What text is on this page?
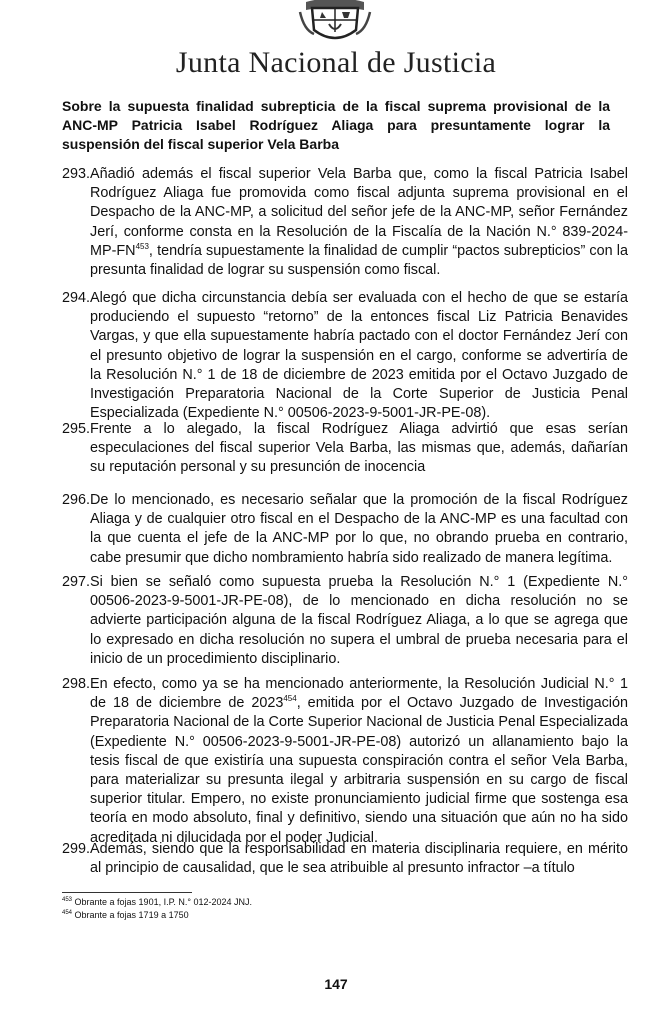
Junta Nacional de Justicia
Sobre la supuesta finalidad subrepticia de la fiscal suprema provisional de la ANC-MP Patricia Isabel Rodríguez Aliaga para presuntamente lograr la suspensión del fiscal superior Vela Barba
293. Añadió además el fiscal superior Vela Barba que, como la fiscal Patricia Isabel Rodríguez Aliaga fue promovida como fiscal adjunta suprema provisional en el Despacho de la ANC-MP, a solicitud del señor jefe de la ANC-MP, señor Fernández Jerí, conforme consta en la Resolución de la Fiscalía de la Nación N.° 839-2024-MP-FN$^{453}$, tendría supuestamente la finalidad de cumplir “pactos subrepticios” con la presunta finalidad de lograr su suspensión como fiscal.
294. Alegó que dicha circunstancia debía ser evaluada con el hecho de que se estaría produciendo el supuesto “retorno” de la entonces fiscal Liz Patricia Benavides Vargas, y que ella supuestamente habría pactado con el doctor Fernández Jerí con el presunto objetivo de lograr la suspensión en el cargo, conforme se advertiría de la Resolución N.° 1 de 18 de diciembre de 2023 emitida por el Octavo Juzgado de Investigación Preparatoria Nacional de la Corte Superior de Justicia Penal Especializada (Expediente N.° 00506-2023-9-5001-JR-PE-08).
295. Frente a lo alegado, la fiscal Rodríguez Aliaga advirtió que esas serían especulaciones del fiscal superior Vela Barba, las mismas que, además, dañarían su reputación personal y su presunción de inocencia
296. De lo mencionado, es necesario señalar que la promoción de la fiscal Rodríguez Aliaga y de cualquier otro fiscal en el Despacho de la ANC-MP es una facultad con la que cuenta el jefe de la ANC-MP por lo que, no obrando prueba en contrario, cabe presumir que dicho nombramiento habría sido realizado de manera legítima.
297. Si bien se señaló como supuesta prueba la Resolución N.° 1 (Expediente N.° 00506-2023-9-5001-JR-PE-08), de lo mencionado en dicha resolución no se advierte participación alguna de la fiscal Rodríguez Aliaga, a lo que se agrega que lo expresado en dicha resolución no supera el umbral de prueba necesaria para el inicio de un procedimiento disciplinario.
298. En efecto, como ya se ha mencionado anteriormente, la Resolución Judicial N.° 1 de 18 de diciembre de 2023$^{454}$, emitida por el Octavo Juzgado de Investigación Preparatoria Nacional de la Corte Superior Nacional de Justicia Penal Especializada (Expediente N.° 00506-2023-9-5001-JR-PE-08) autorizó un allanamiento bajo la tesis fiscal de que existiría una supuesta conspiración contra el señor Vela Barba, para materializar su presunta ilegal y arbitraria suspensión en su cargo de fiscal superior titular. Empero, no existe pronunciamiento judicial firme que sostenga esa teoría en modo absoluto, final y definitivo, siendo una situación que aún no ha sido acreditada ni dilucidada por el poder Judicial.
299. Además, siendo que la responsabilidad en materia disciplinaria requiere, en mérito al principio de causalidad, que le sea atribuible al presunto infractor –a título
$^{453}$ Obrante a fojas 1901, I.P. N.° 012-2024 JNJ.
$^{454}$ Obrante a fojas 1719 a 1750
147
